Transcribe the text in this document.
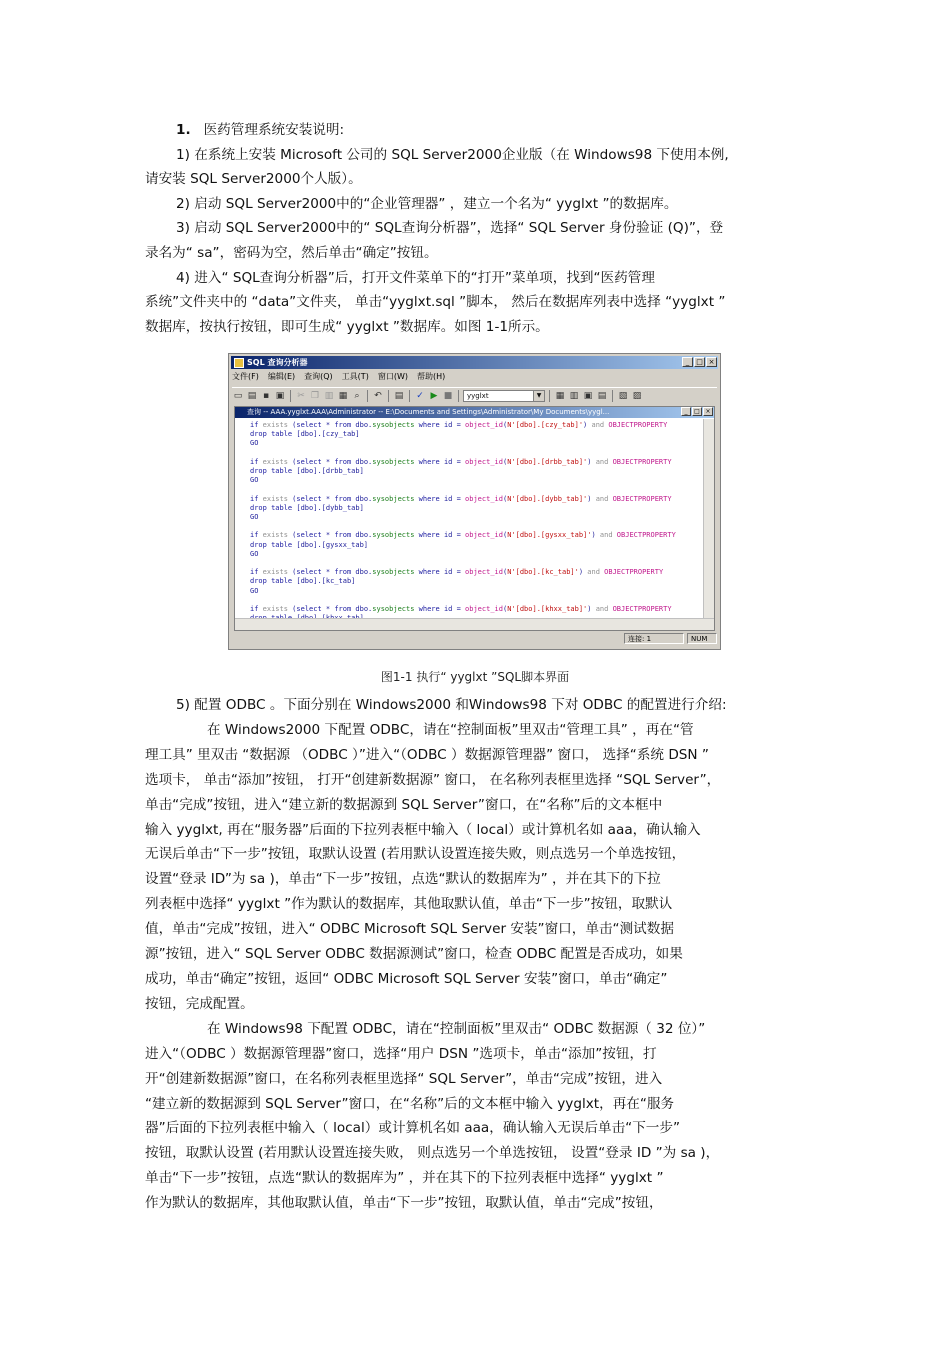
1. 医药管理系统安装说明:

1) 在系统上安装 Microsoft 公司的 SQL Server2000企业版（在 Windows98 下使用本例,

请安装 SQL Server2000个人版）。

2) 启动 SQL Server2000中的“企业管理器” ，建立一个名为“ yyglxt ”的数据库。

3) 启动 SQL Server2000中的“ SQL查询分析器”，选择“ SQL Server 身份验证 (Q)”，登

录名为“ sa”，密码为空，然后单击“确定”按钮。

4) 进入“ SQL查询分析器”后，打开文件菜单下的“打开”菜单项，找到“医药管理

系统”文件夹中的 “data”文件夹， 单击“yyglxt.sql ”脚本， 然后在数据库列表中选择 “yyglxt ”

数据库，按执行按钮，即可生成“ yyglxt ”数据库。如图 1-1所示。

SQL 查询分析器	_ □ ×
文件(F) 编辑(E) 查询(Q) 工具(T) 窗口(W) 帮助(H)
▭ ▤ ▪ ▣ ✂ ❐ ▥ ▦ ⌕	↶ ▤ ✓ ▶ ■	yyglxt	▼ ▦ ▥ ▣ ▤ ▧ ▨
查询 -- AAA.yyglxt.AAA\Administrator -- E:\Documents and Settings\Administrator\My Documents\yygl...	_	□ ×
if exists (select * from dbo.sysobjects where id = object_id(N'[dbo].[czy_tab]') and OBJECTPROPERTY
drop table [dbo].[czy_tab]
GO

if exists (select * from dbo.sysobjects where id = object_id(N'[dbo].[drbb_tab]') and OBJECTPROPERTY
drop table [dbo].[drbb_tab]
GO

if exists (select * from dbo.sysobjects where id = object_id(N'[dbo].[dybb_tab]') and OBJECTPROPERTY
drop table [dbo].[dybb_tab]
GO

if exists (select * from dbo.sysobjects where id = object_id(N'[dbo].[gysxx_tab]') and OBJECTPROPERTY
drop table [dbo].[gysxx_tab]
GO

if exists (select * from dbo.sysobjects where id = object_id(N'[dbo].[kc_tab]') and OBJECTPROPERTY
drop table [dbo].[kc_tab]
GO

if exists (select * from dbo.sysobjects where id = object_id(N'[dbo].[khxx_tab]') and OBJECTPROPERTY

连接: 1	NUM
图1-1 执行“ yyglxt ”SQL脚本界面

5) 配置 ODBC 。下面分别在 Windows2000 和Windows98 下对 ODBC 的配置进行介绍:

在 Windows2000 下配置 ODBC，请在“控制面板”里双击“管理工具” ，再在“管

理工具” 里双击 “数据源 （ODBC ）”进入“（ODBC ）数据源管理器” 窗口， 选择“系统 DSN ”

选项卡， 单击“添加”按钮， 打开“创建新数据源” 窗口， 在名称列表框里选择 “SQL Server”，

单击“完成”按钮，进入“建立新的数据源到 SQL Server”窗口，在“名称”后的文本框中

输入 yyglxt, 再在“服务器”后面的下拉列表框中输入（ local）或计算机名如 aaa，确认输入

无误后单击“下一步”按钮，取默认设置 (若用默认设置连接失败，则点选另一个单选按钮，

设置“登录 ID”为 sa )，单击“下一步”按钮，点选“默认的数据库为” ，并在其下的下拉

列表框中选择“ yyglxt ”作为默认的数据库，其他取默认值，单击“下一步”按钮，取默认

值，单击“完成”按钮，进入“ ODBC Microsoft SQL Server 安装”窗口，单击“测试数据

源”按钮，进入“ SQL Server ODBC 数据源测试”窗口，检查 ODBC 配置是否成功，如果

成功，单击“确定”按钮，返回“ ODBC Microsoft SQL Server 安装”窗口，单击“确定”

按钮，完成配置。

在 Windows98 下配置 ODBC，请在“控制面板”里双击“ ODBC 数据源（ 32 位）”

进入“（ODBC ）数据源管理器”窗口，选择“用户 DSN ”选项卡，单击“添加”按钮，打

开“创建新数据源”窗口，在名称列表框里选择“ SQL Server”，单击“完成”按钮，进入

“建立新的数据源到 SQL Server”窗口，在“名称”后的文本框中输入 yyglxt，再在“服务

器”后面的下拉列表框中输入（ local）或计算机名如 aaa，确认输入无误后单击“下一步”

按钮，取默认设置 (若用默认设置连接失败， 则点选另一个单选按钮， 设置“登录 ID ”为 sa )，

单击“下一步”按钮，点选“默认的数据库为” ，并在其下的下拉列表框中选择“ yyglxt ”

作为默认的数据库，其他取默认值，单击“下一步”按钮，取默认值，单击“完成”按钮，
